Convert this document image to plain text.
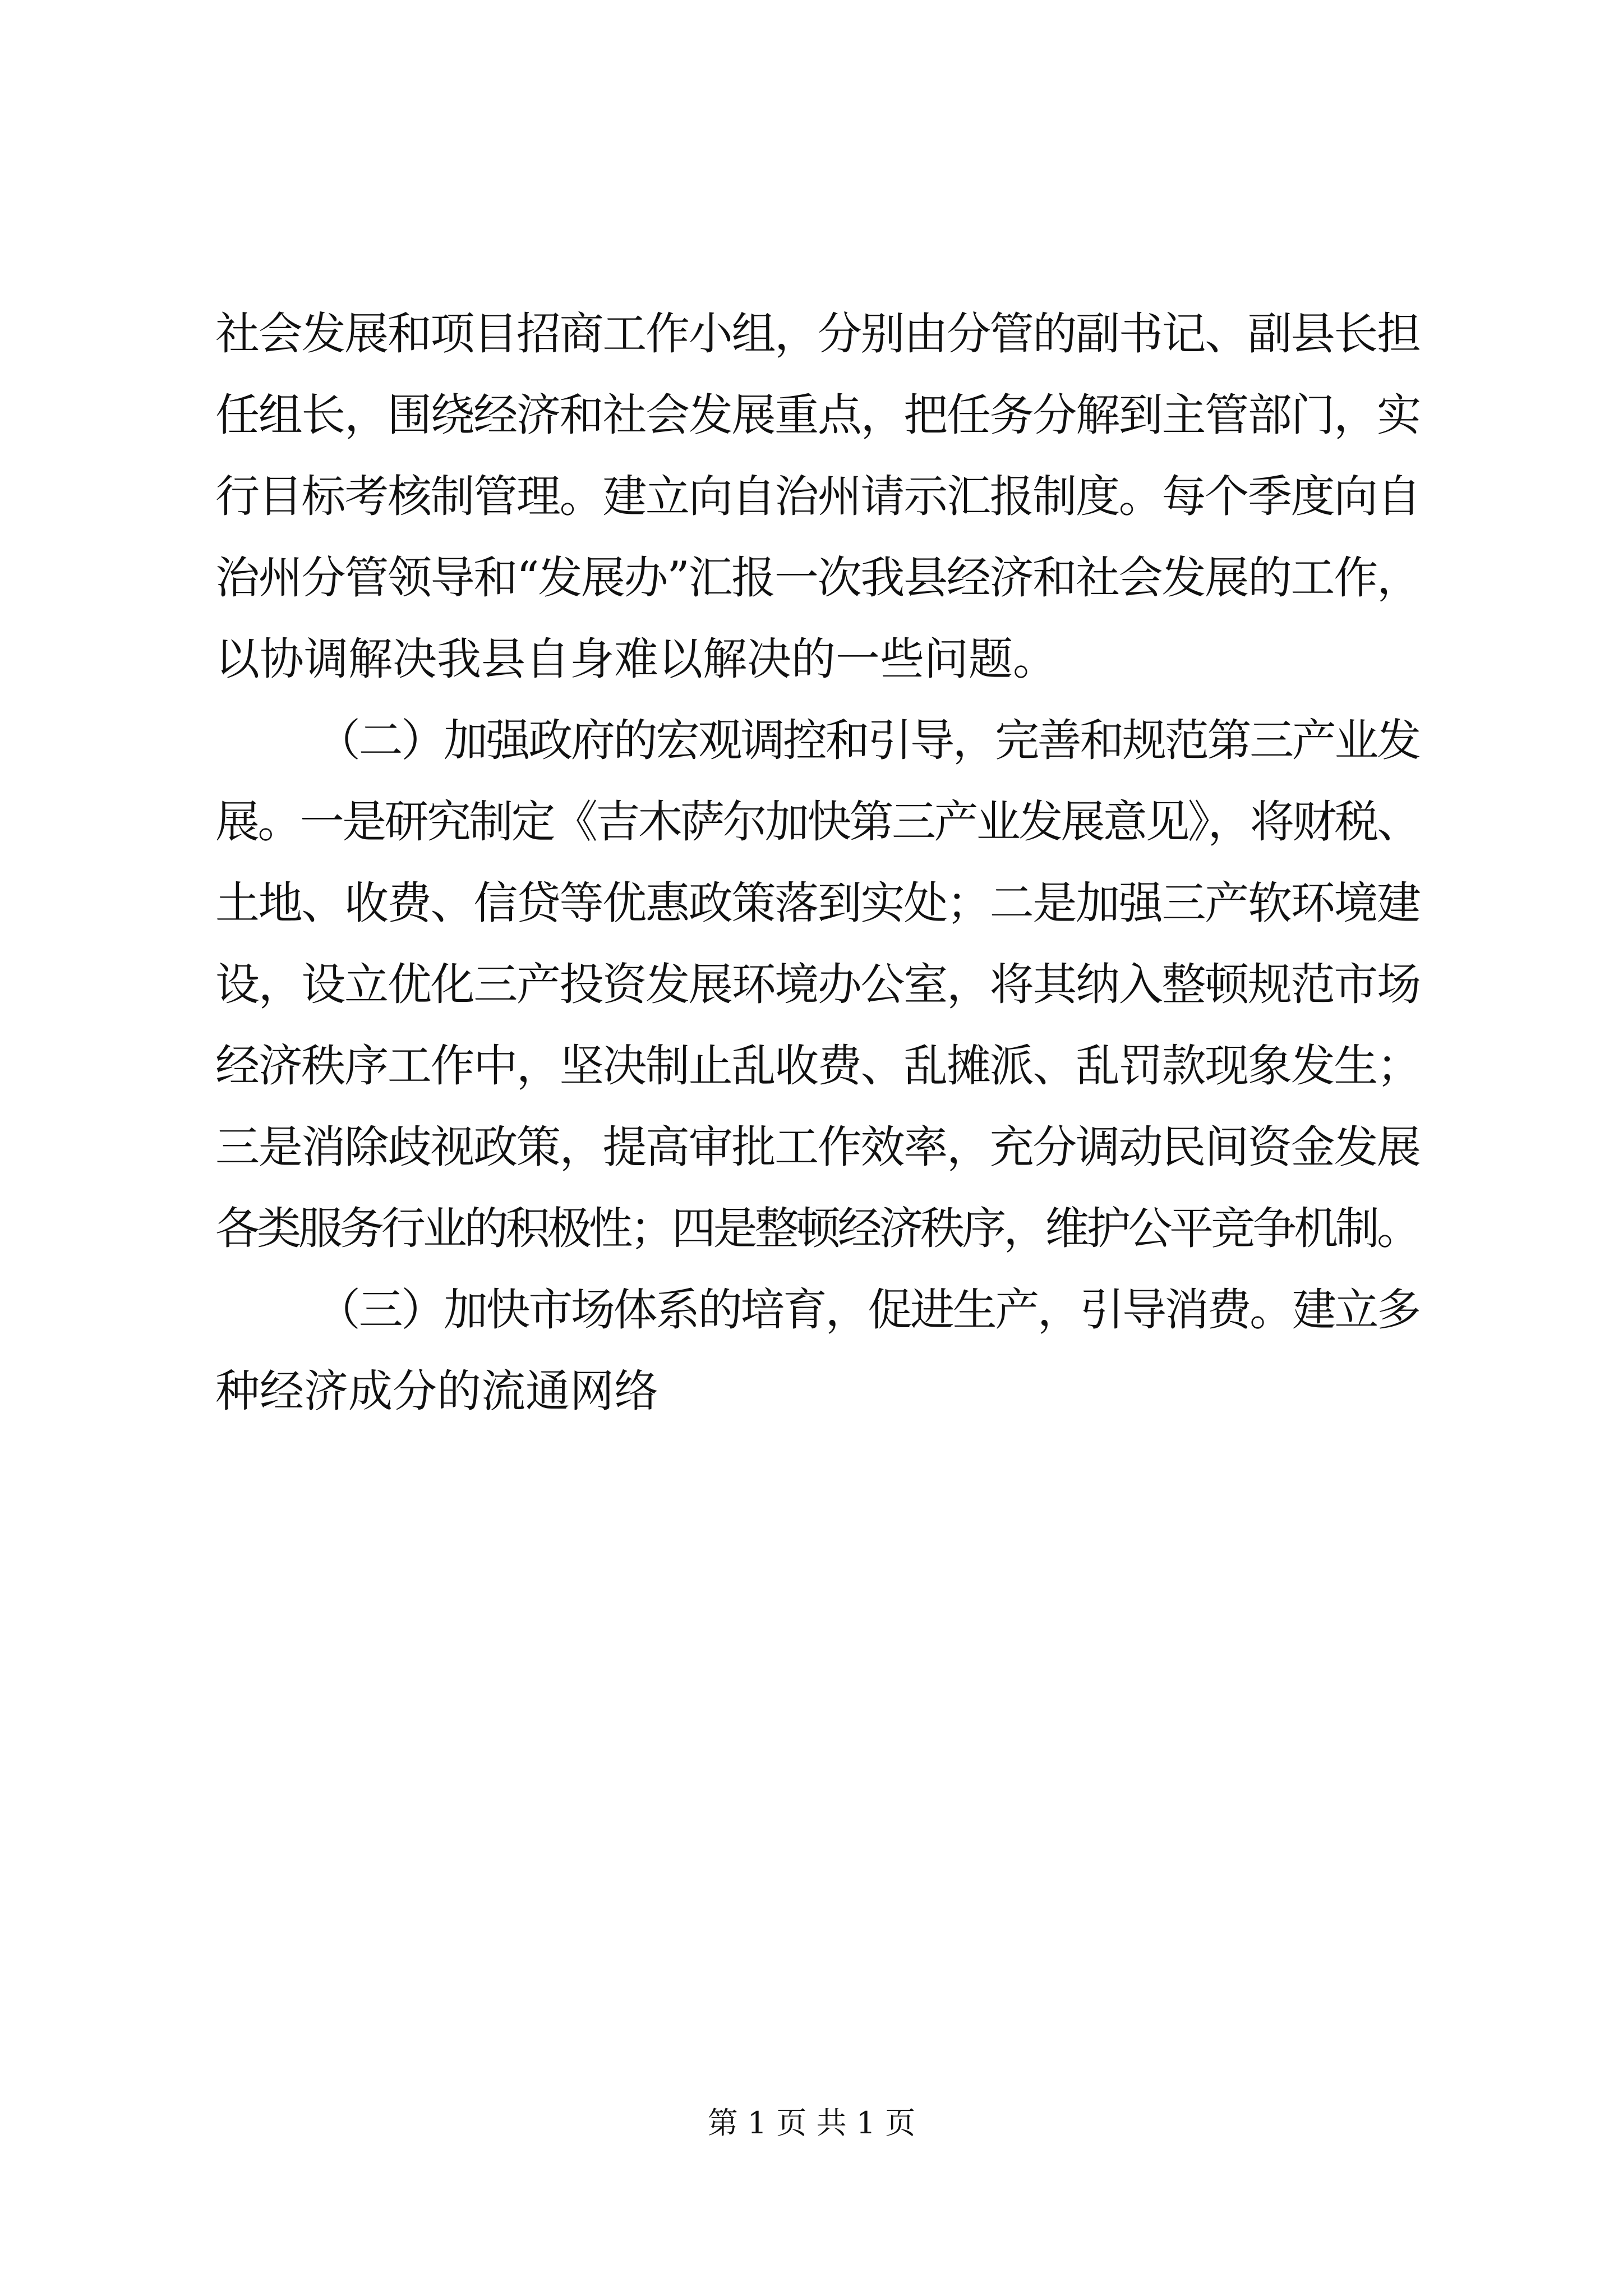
社会发展和项目招商工作小组，分别由分管的副书记、副县长担
任组长，围绕经济和社会发展重点，把任务分解到主管部门，实
行目标考核制管理。建立向自治州请示汇报制度。每个季度向自
治州分管领导和“发展办”汇报一次我县经济和社会发展的工作，
以协调解决我县自身难以解决的一些问题。
（二）加强政府的宏观调控和引导，完善和规范第三产业发
展。一是研究制定《吉木萨尔加快第三产业发展意见》，将财税、
土地、收费、信贷等优惠政策落到实处；二是加强三产软环境建
设，设立优化三产投资发展环境办公室，将其纳入整顿规范市场
经济秩序工作中，坚决制止乱收费、乱摊派、乱罚款现象发生；
三是消除歧视政策，提高审批工作效率，充分调动民间资金发展
各类服务行业的积极性；四是整顿经济秩序，维护公平竞争机制。
（三）加快市场体系的培育，促进生产，引导消费。建立多
种经济成分的流通网络
第 1 页 共 1 页
